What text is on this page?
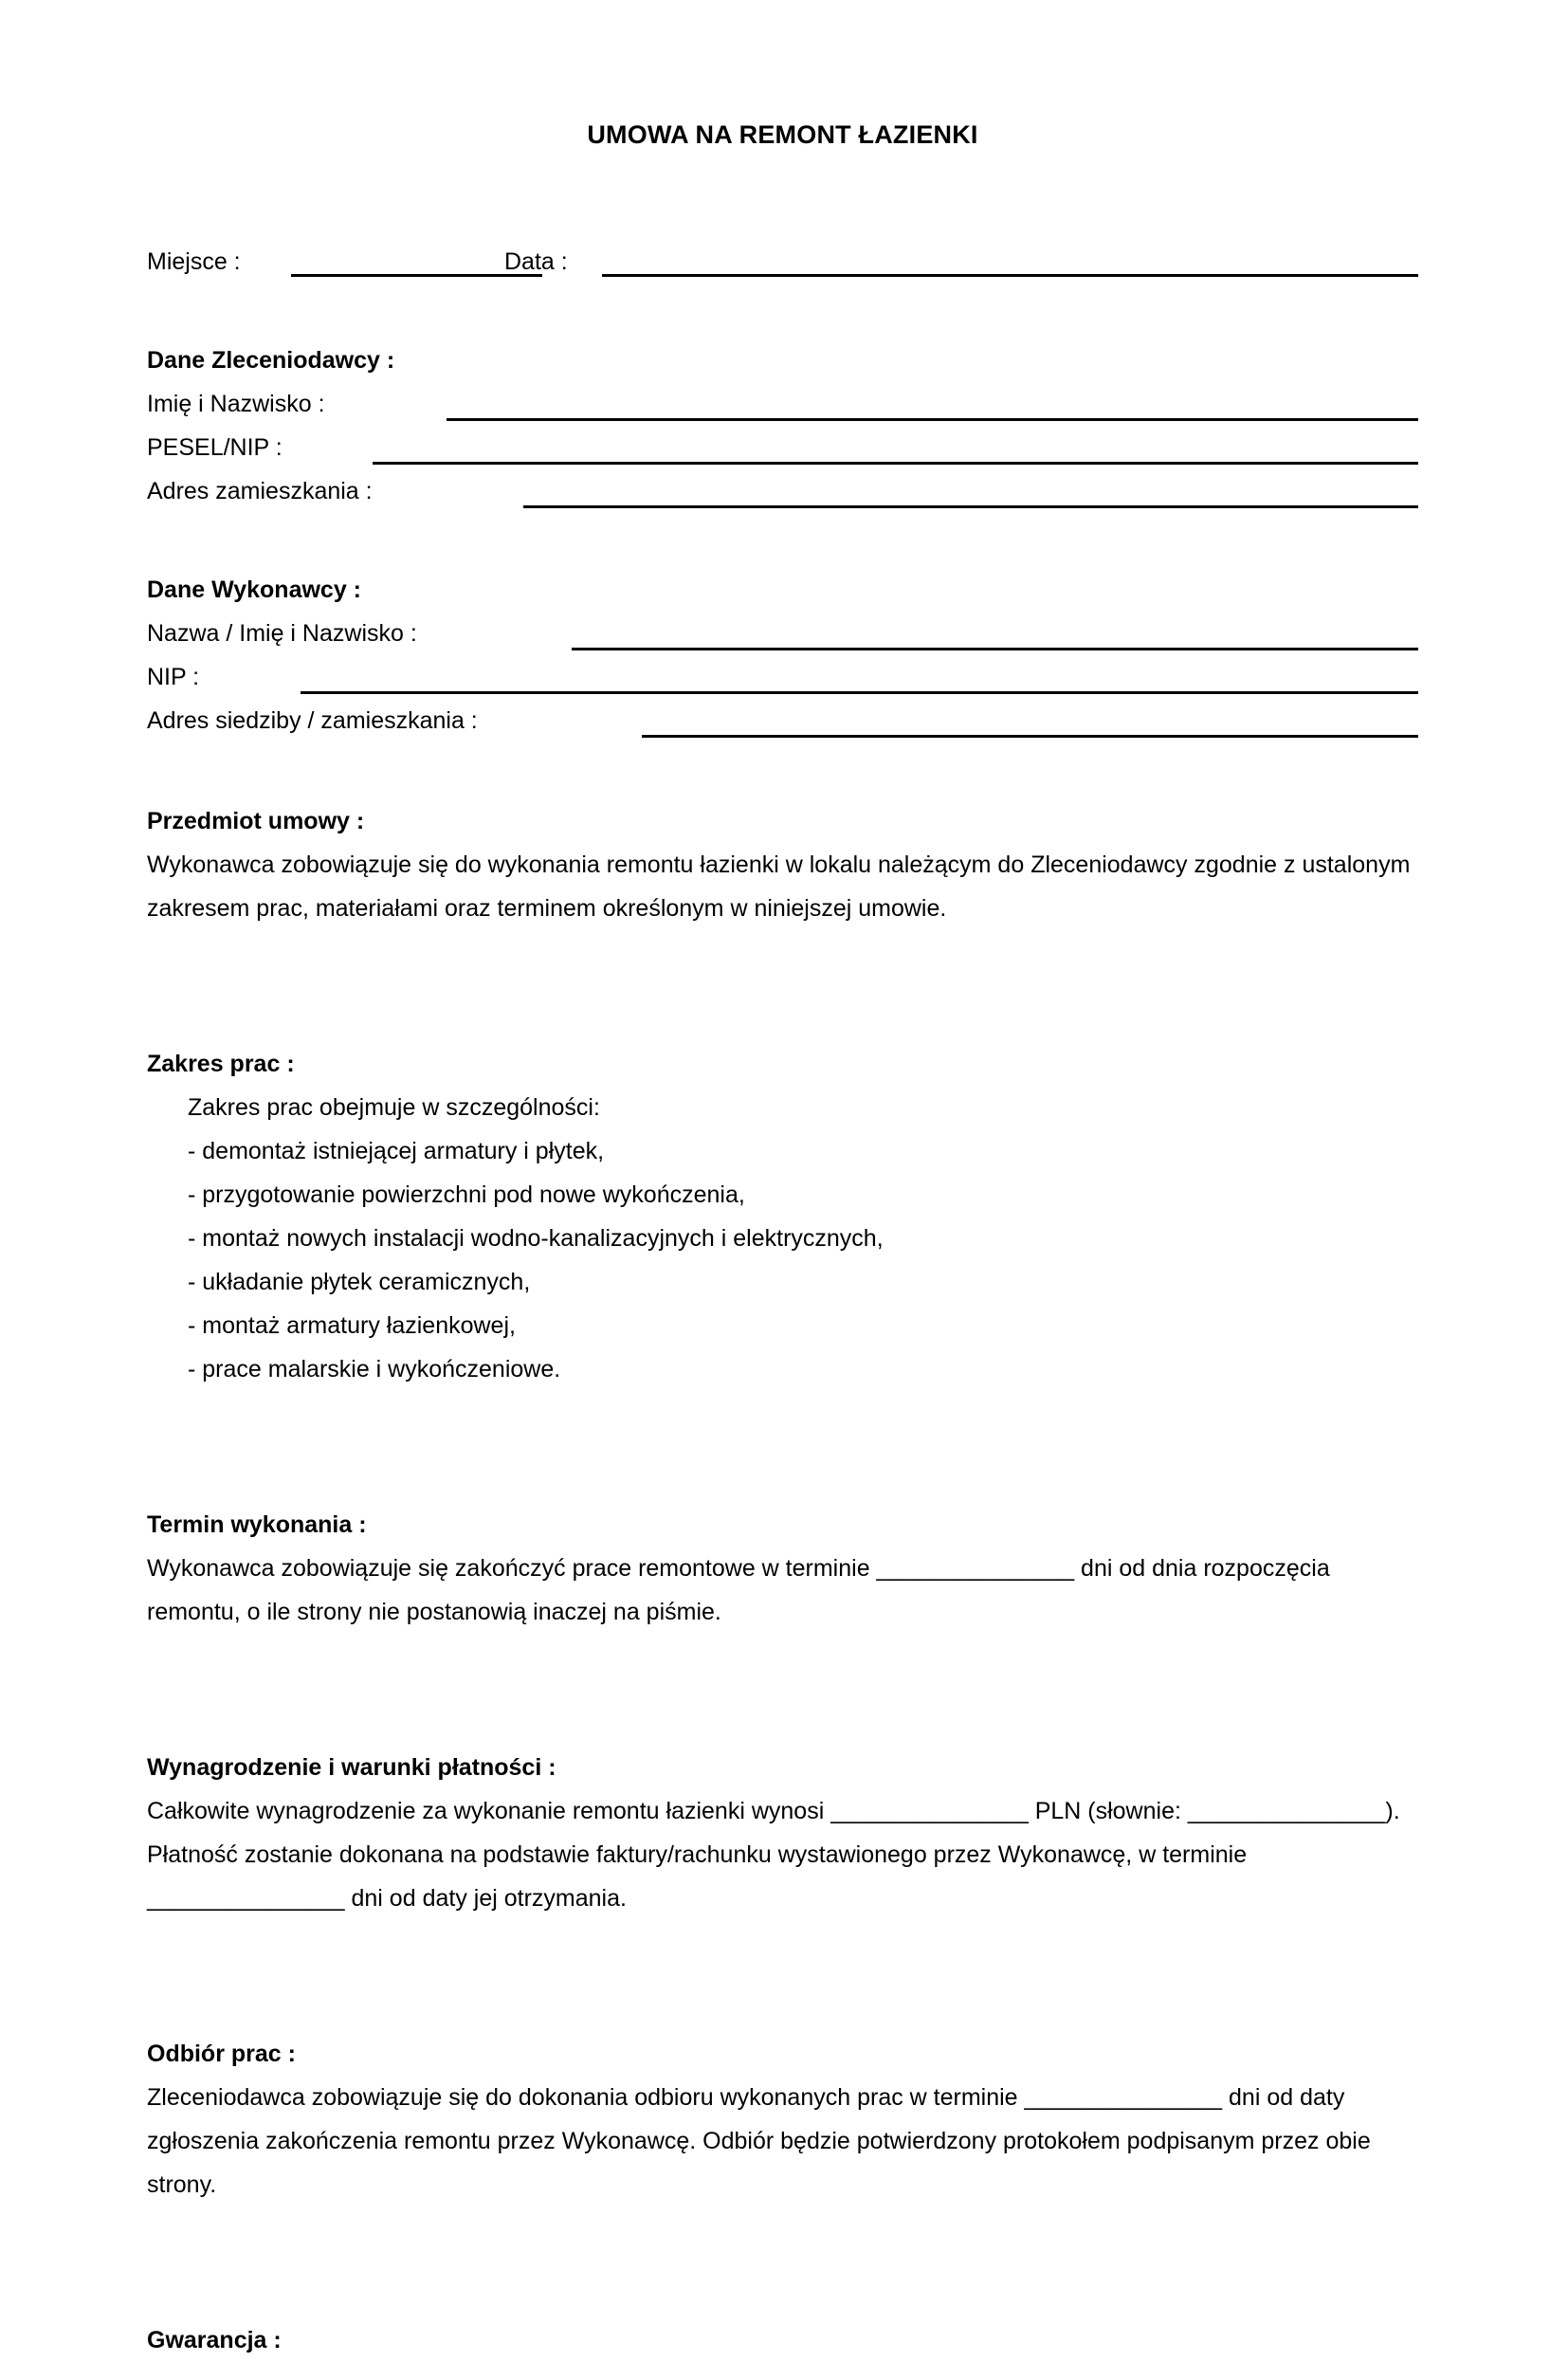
UMOWA NA REMONT ŁAZIENKI
Miejsce :	Data :
Dane Zleceniodawcy :
Imię i Nazwisko :
PESEL/NIP :
Adres zamieszkania :
Dane Wykonawcy :
Nazwa / Imię i Nazwisko :
NIP :
Adres siedziby / zamieszkania :
Przedmiot umowy :

Wykonawca zobowiązuje się do wykonania remontu łazienki w lokalu należącym do Zleceniodawcy zgodnie z ustalonym zakresem prac, materiałami oraz terminem określonym w niniejszej umowie.

Zakres prac :
Zakres prac obejmuje w szczególności:
- demontaż istniejącej armatury i płytek,
- przygotowanie powierzchni pod nowe wykończenia,
- montaż nowych instalacji wodno-kanalizacyjnych i elektrycznych,
- układanie płytek ceramicznych,
- montaż armatury łazienkowej,
- prace malarskie i wykończeniowe.
Termin wykonania :

Wykonawca zobowiązuje się zakończyć prace remontowe w terminie _______________ dni od dnia rozpoczęcia remontu, o ile strony nie postanowią inaczej na piśmie.

Wynagrodzenie i warunki płatności :

Całkowite wynagrodzenie za wykonanie remontu łazienki wynosi _______________ PLN (słownie: _______________). Płatność zostanie dokonana na podstawie faktury/rachunku wystawionego przez Wykonawcę, w terminie _______________ dni od daty jej otrzymania.

Odbiór prac :

Zleceniodawca zobowiązuje się do dokonania odbioru wykonanych prac w terminie _______________ dni od daty zgłoszenia zakończenia remontu przez Wykonawcę. Odbiór będzie potwierdzony protokołem podpisanym przez obie strony.

Gwarancja :
